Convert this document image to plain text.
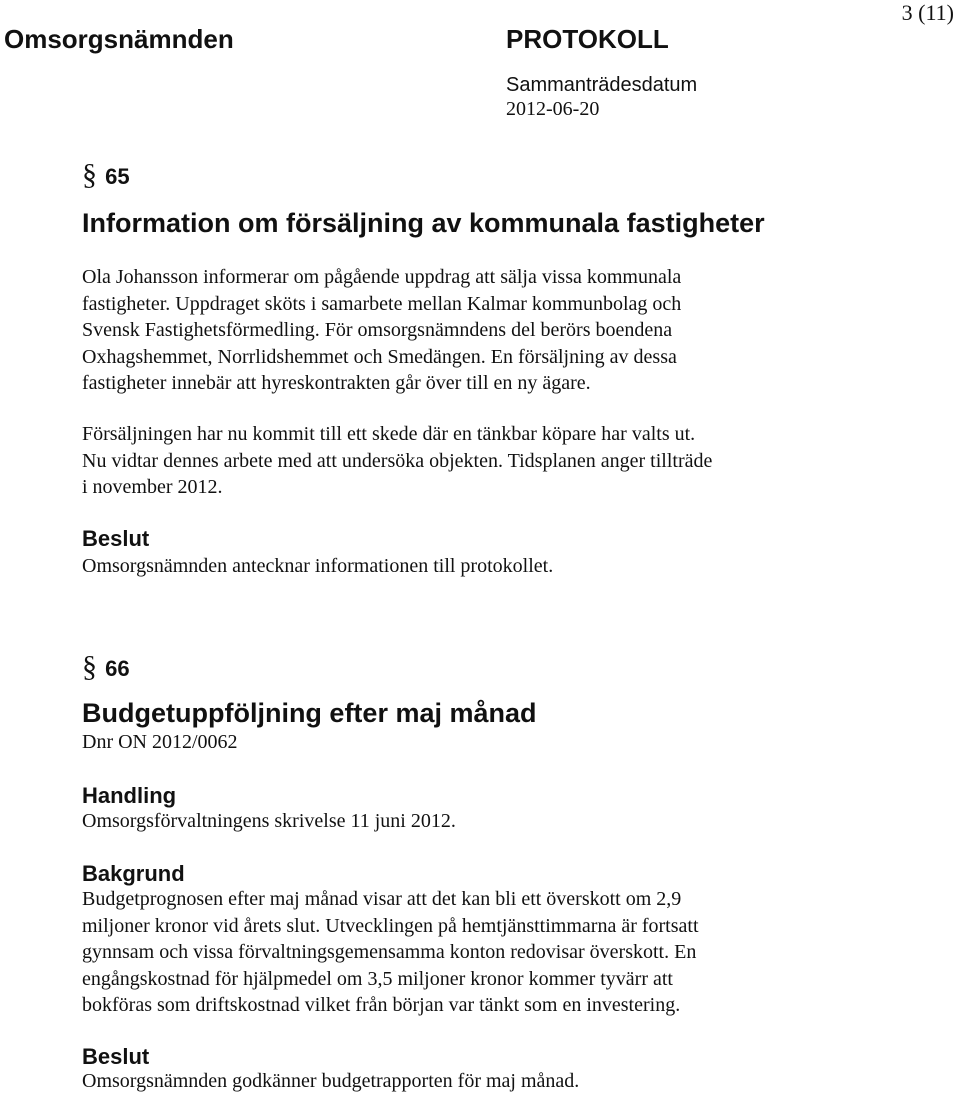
Omsorgsnämnden	PROTOKOLL
3 (11)
Sammanträdesdatum
2012-06-20
§ 65
Information om försäljning av kommunala fastigheter
Ola Johansson informerar om pågående uppdrag att sälja vissa kommunala
fastigheter. Uppdraget sköts i samarbete mellan Kalmar kommunbolag och
Svensk Fastighetsförmedling. För omsorgsnämndens del berörs boendena
Oxhagshemmet, Norrlidshemmet och Smedängen. En försäljning av dessa
fastigheter innebär att hyreskontrakten går över till en ny ägare.
Försäljningen har nu kommit till ett skede där en tänkbar köpare har valts ut.
Nu vidtar dennes arbete med att undersöka objekten. Tidsplanen anger tillträde
i november 2012.
Beslut
Omsorgsnämnden antecknar informationen till protokollet.
§ 66
Budgetuppföljning efter maj månad
Dnr ON 2012/0062
Handling
Omsorgsförvaltningens skrivelse 11 juni 2012.
Bakgrund
Budgetprognosen efter maj månad visar att det kan bli ett överskott om 2,9
miljoner kronor vid årets slut. Utvecklingen på hemtjänsttimmarna är fortsatt
gynnsam och vissa förvaltningsgemensamma konton redovisar överskott. En
engångskostnad för hjälpmedel om 3,5 miljoner kronor kommer tyvärr att
bokföras som driftskostnad vilket från början var tänkt som en investering.
Beslut
Omsorgsnämnden godkänner budgetrapporten för maj månad.
